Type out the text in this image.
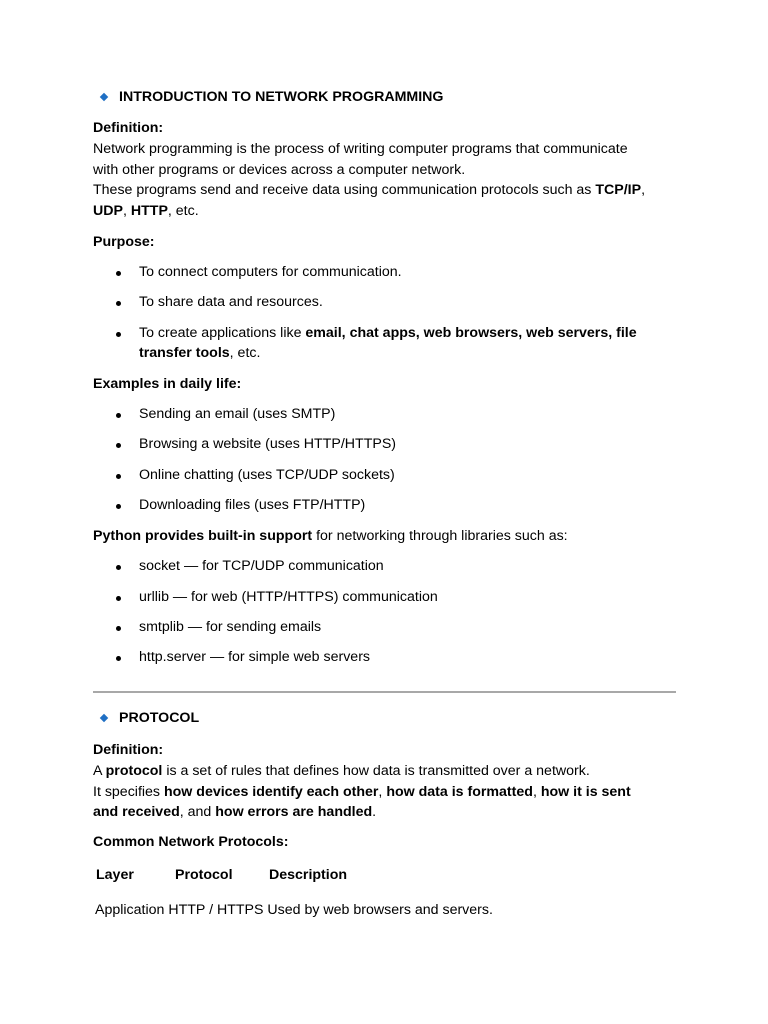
INTRODUCTION TO NETWORK PROGRAMMING
Definition:
Network programming is the process of writing computer programs that communicate
with other programs or devices across a computer network.
These programs send and receive data using communication protocols such as TCP/IP,
UDP, HTTP, etc.
Purpose:
To connect computers for communication.
To share data and resources.
To create applications like email, chat apps, web browsers, web servers, file
transfer tools, etc.
Examples in daily life:
Sending an email (uses SMTP)
Browsing a website (uses HTTP/HTTPS)
Online chatting (uses TCP/UDP sockets)
Downloading files (uses FTP/HTTP)
Python provides built-in support for networking through libraries such as:
socket — for TCP/UDP communication
urllib — for web (HTTP/HTTPS) communication
smtplib — for sending emails
http.server — for simple web servers
PROTOCOL
Definition:
A protocol is a set of rules that defines how data is transmitted over a network.
It specifies how devices identify each other, how data is formatted, how it is sent
and received, and how errors are handled.
Common Network Protocols:
Layer	Protocol	Description
Application HTTP / HTTPS Used by web browsers and servers.
